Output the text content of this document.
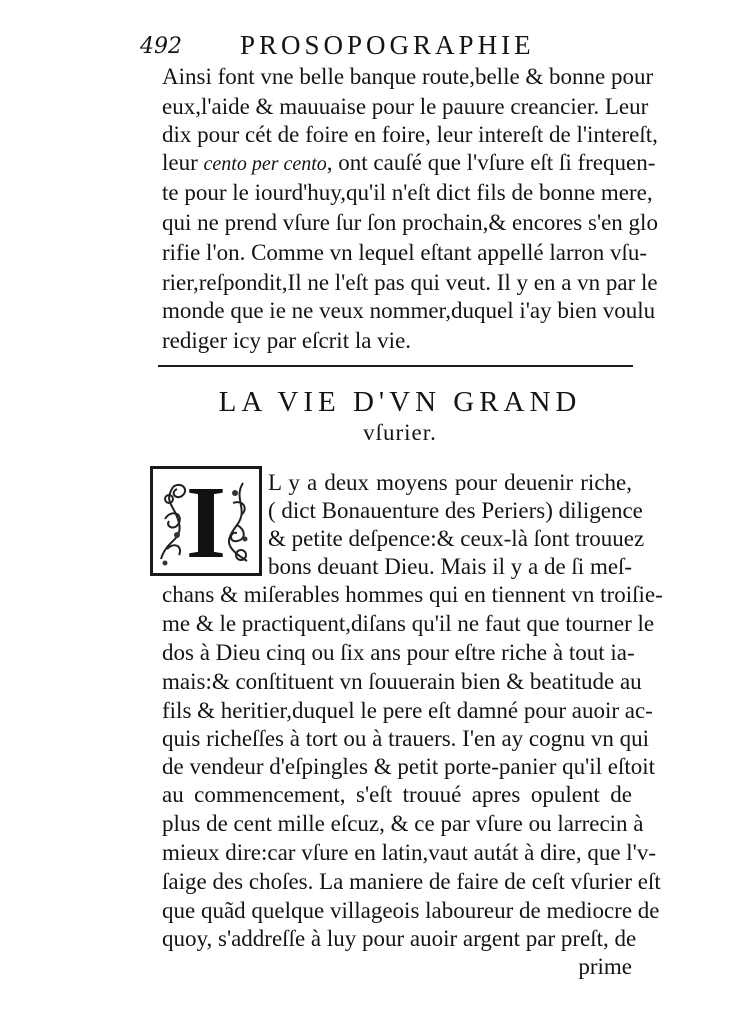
492 PROSOPOGRAPHIE
Ainsi font vne belle banque route,belle & bonne pour
eux,l'aide & mauuaise pour le pauure creancier. Leur
dix pour cét de foire en foire, leur intereſt de l'intereſt,
leur cento per cento, ont cauſé que l'vſure eſt ſi frequen-
te pour le iourd'huy,qu'il n'eſt dict fils de bonne mere,
qui ne prend vſure ſur ſon prochain,& encores s'en glo
rifie l'on. Comme vn lequel eſtant appellé larron vſu-
rier,reſpondit,Il ne l'eſt pas qui veut. Il y en a vn par le
monde que ie ne veux nommer,duquel i'ay bien voulu
rediger icy par eſcrit la vie.
LA VIE D'VN GRAND
vſurier.
I	L y a deux moyens pour deuenir riche,
( dict Bonauenture des Periers) diligence
& petite deſpence:& ceux-là ſont trouuez
bons deuant Dieu. Mais il y a de ſi meſ-
chans & miſerables hommes qui en tiennent vn troiſie-
me & le practiquent,diſans qu'il ne faut que tourner le
dos à Dieu cinq ou ſix ans pour eſtre riche à tout ia-
mais:& conſtituent vn ſouuerain bien & beatitude au
fils & heritier,duquel le pere eſt damné pour auoir ac-
quis richeſſes à tort ou à trauers. I'en ay cognu vn qui
de vendeur d'eſpingles & petit porte-panier qu'il eſtoit
au commencement, s'eſt trouué apres opulent de
plus de cent mille eſcuz, & ce par vſure ou larrecin à
mieux dire:car vſure en latin,vaut autát à dire, que l'v-
ſaige des choſes. La maniere de faire de ceſt vſurier eſt
que quãd quelque villageois laboureur de mediocre de
quoy, s'addreſſe à luy pour auoir argent par preſt, de
prime
